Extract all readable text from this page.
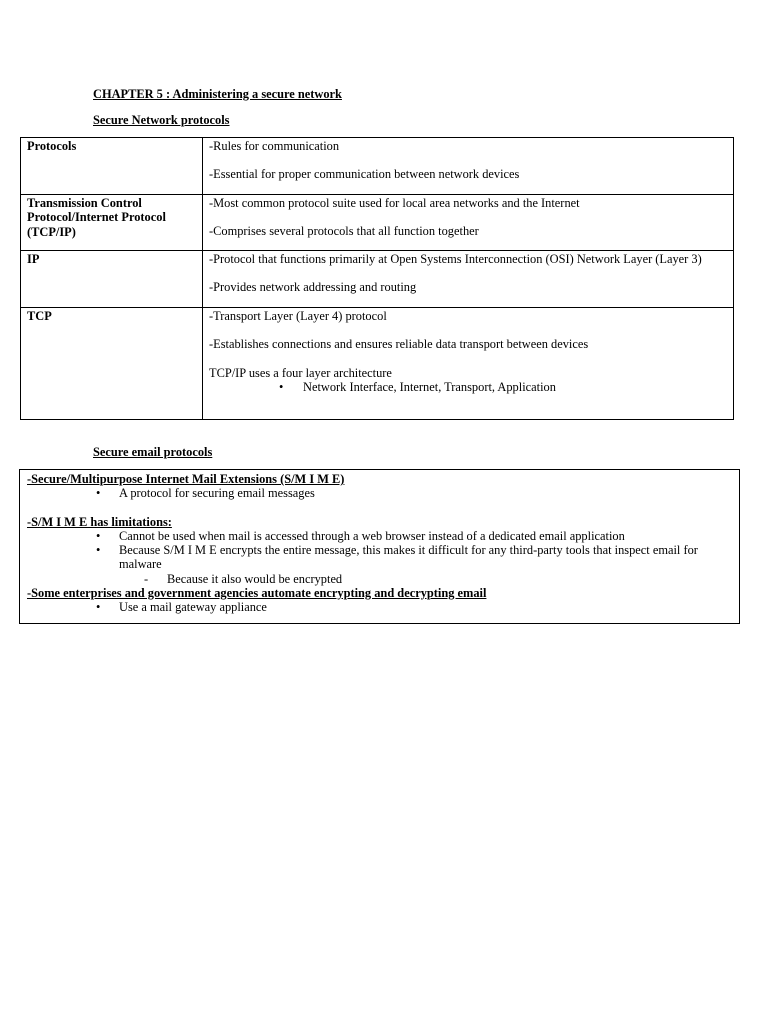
CHAPTER 5 : Administering a secure network

Secure Network protocols

Protocols	-Rules for communication

-Essential for proper communication between network devices

Transmission Control Protocol/Internet Protocol (TCP/IP)	-Most common protocol suite used for local area networks and the Internet

-Comprises several protocols that all function together

IP	-Protocol that functions primarily at Open Systems Interconnection (OSI) Network Layer (Layer 3)

-Provides network addressing and routing

TCP	-Transport Layer (Layer 4) protocol

-Establishes connections and ensures reliable data transport between devices

TCP/IP uses a four layer architecture

• Network Interface, Internet, Transport, Application

Secure email protocols

-Secure/Multipurpose Internet Mail Extensions (S/M I M E)

• A protocol for securing email messages

-S/M I M E has limitations:

• Cannot be used when mail is accessed through a web browser instead of a dedicated email application

• Because S/M I M E encrypts the entire message, this makes it difficult for any third-party tools that inspect email for malware

- Because it also would be encrypted

-Some enterprises and government agencies automate encrypting and decrypting email

• Use a mail gateway appliance
